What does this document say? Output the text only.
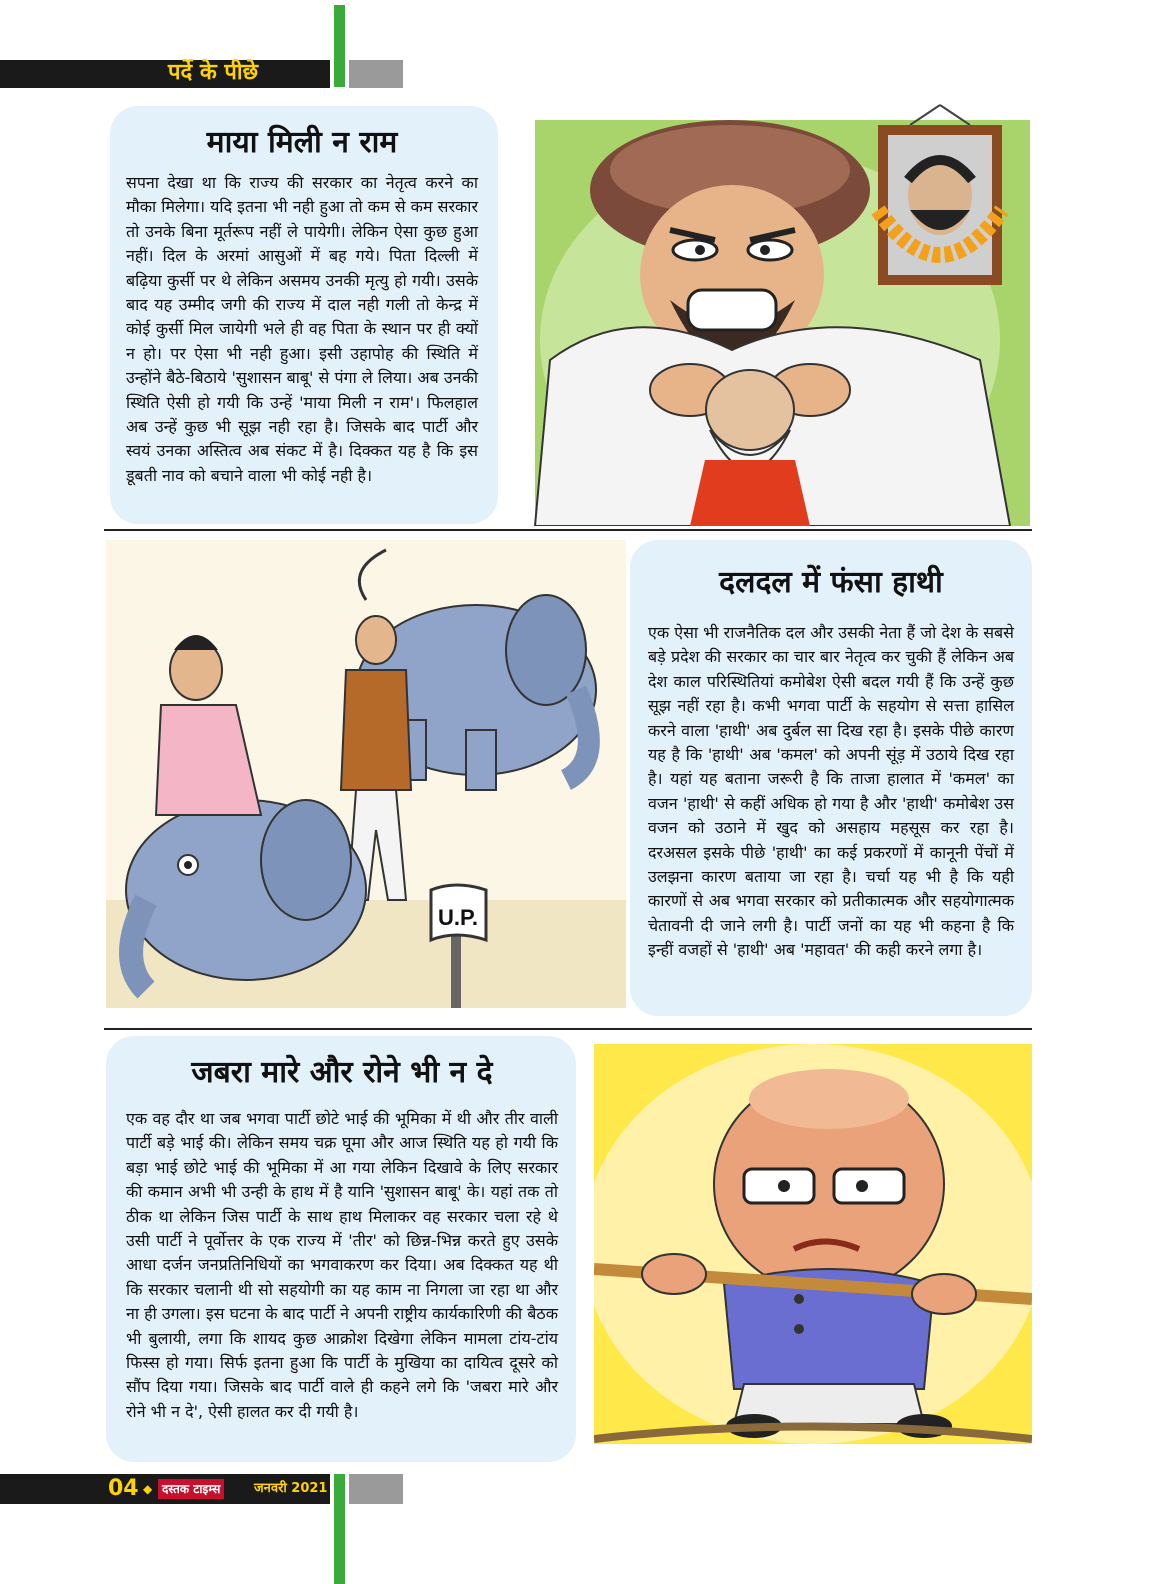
पर्दे के पीछे
माया मिली न राम
सपना देखा था कि राज्य की सरकार का नेतृत्व करने का मौका मिलेगा। यदि इतना भी नही हुआ तो कम से कम सरकार तो उनके बिना मूर्तरूप नहीं ले पायेगी। लेकिन ऐसा कुछ हुआ नहीं। दिल के अरमां आसुओं में बह गये। पिता दिल्ली में बढ़िया कुर्सी पर थे लेकिन असमय उनकी मृत्यु हो गयी। उसके बाद यह उम्मीद जगी की राज्य में दाल नही गली तो केन्द्र में कोई कुर्सी मिल जायेगी भले ही वह पिता के स्थान पर ही क्यों न हो। पर ऐसा भी नही हुआ। इसी उहापोह की स्थिति में उन्होंने बैठे-बिठाये 'सुशासन बाबू' से पंगा ले लिया। अब उनकी स्थिति ऐसी हो गयी कि उन्हें 'माया मिली न राम'। फिलहाल अब उन्हें कुछ भी सूझ नही रहा है। जिसके बाद पार्टी और स्वयं उनका अस्तित्व अब संकट में है। दिक्कत यह है कि इस डूबती नाव को बचाने वाला भी कोई नही है।
U.P.
दलदल में फंसा हाथी
एक ऐसा भी राजनैतिक दल और उसकी नेता हैं जो देश के सबसे बड़े प्रदेश की सरकार का चार बार नेतृत्व कर चुकी हैं लेकिन अब देश काल परिस्थितियां कमोबेश ऐसी बदल गयी हैं कि उन्हें कुछ सूझ नहीं रहा है। कभी भगवा पार्टी के सहयोग से सत्ता हासिल करने वाला 'हाथी' अब दुर्बल सा दिख रहा है। इसके पीछे कारण यह है कि 'हाथी' अब 'कमल' को अपनी सूंड़ में उठाये दिख रहा है। यहां यह बताना जरूरी है कि ताजा हालात में 'कमल' का वजन 'हाथी' से कहीं अधिक हो गया है और 'हाथी' कमोबेश उस वजन को उठाने में खुद को असहाय महसूस कर रहा है। दरअसल इसके पीछे 'हाथी' का कई प्रकरणों में कानूनी पेंचों में उलझना कारण बताया जा रहा है। चर्चा यह भी है कि यही कारणों से अब भगवा सरकार को प्रतीकात्मक और सहयोगात्मक चेतावनी दी जाने लगी है। पार्टी जनों का यह भी कहना है कि इन्हीं वजहों से 'हाथी' अब 'महावत' की कही करने लगा है।
जबरा मारे और रोने भी न दे
एक वह दौर था जब भगवा पार्टी छोटे भाई की भूमिका में थी और तीर वाली पार्टी बड़े भाई की। लेकिन समय चक्र घूमा और आज स्थिति यह हो गयी कि बड़ा भाई छोटे भाई की भूमिका में आ गया लेकिन दिखावे के लिए सरकार की कमान अभी भी उन्ही के हाथ में है यानि 'सुशासन बाबू' के। यहां तक तो ठीक था लेकिन जिस पार्टी के साथ हाथ मिलाकर वह सरकार चला रहे थे उसी पार्टी ने पूर्वोत्तर के एक राज्य में 'तीर' को छिन्न-भिन्न करते हुए उसके आधा दर्जन जनप्रतिनिधियों का भगवाकरण कर दिया। अब दिक्कत यह थी कि सरकार चलानी थी सो सहयोगी का यह काम ना निगला जा रहा था और ना ही उगला। इस घटना के बाद पार्टी ने अपनी राष्ट्रीय कार्यकारिणी की बैठक भी बुलायी, लगा कि शायद कुछ आक्रोश दिखेगा लेकिन मामला टांय-टांय फिस्स हो गया। सिर्फ इतना हुआ कि पार्टी के मुखिया का दायित्व दूसरे को सौंप दिया गया। जिसके बाद पार्टी वाले ही कहने लगे कि 'जबरा मारे और रोने भी न दे', ऐसी हालत कर दी गयी है।
04 ◆ दस्तक टाइम्स	जनवरी 2021
